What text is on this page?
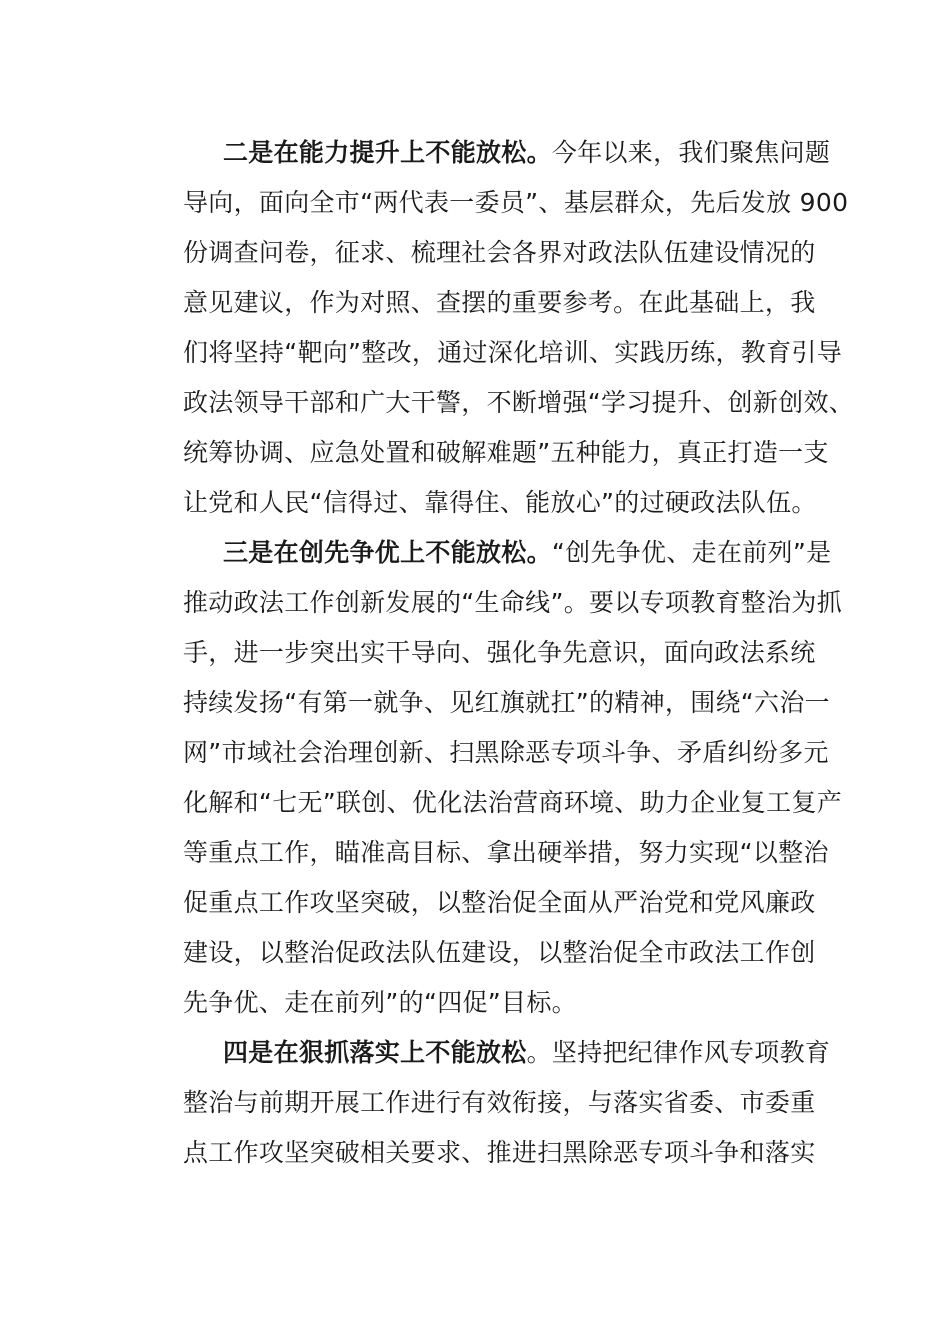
二是在能力提升上不能放松。今年以来，我们聚焦问题
导向，面向全市“两代表一委员”、基层群众，先后发放 900
份调查问卷，征求、梳理社会各界对政法队伍建设情况的
意见建议，作为对照、查摆的重要参考。在此基础上，我
们将坚持“靶向”整改，通过深化培训、实践历练，教育引导
政法领导干部和广大干警，不断增强“学习提升、创新创效、
统筹协调、应急处置和破解难题”五种能力，真正打造一支
让党和人民“信得过、靠得住、能放心”的过硬政法队伍。
三是在创先争优上不能放松。“创先争优、走在前列”是
推动政法工作创新发展的“生命线”。要以专项教育整治为抓
手，进一步突出实干导向、强化争先意识，面向政法系统
持续发扬“有第一就争、见红旗就扛”的精神，围绕“六治一
网”市域社会治理创新、扫黑除恶专项斗争、矛盾纠纷多元
化解和“七无”联创、优化法治营商环境、助力企业复工复产
等重点工作，瞄准高目标、拿出硬举措，努力实现“以整治
促重点工作攻坚突破，以整治促全面从严治党和党风廉政
建设，以整治促政法队伍建设，以整治促全市政法工作创
先争优、走在前列”的“四促”目标。
四是在狠抓落实上不能放松。坚持把纪律作风专项教育
整治与前期开展工作进行有效衔接，与落实省委、市委重
点工作攻坚突破相关要求、推进扫黑除恶专项斗争和落实
